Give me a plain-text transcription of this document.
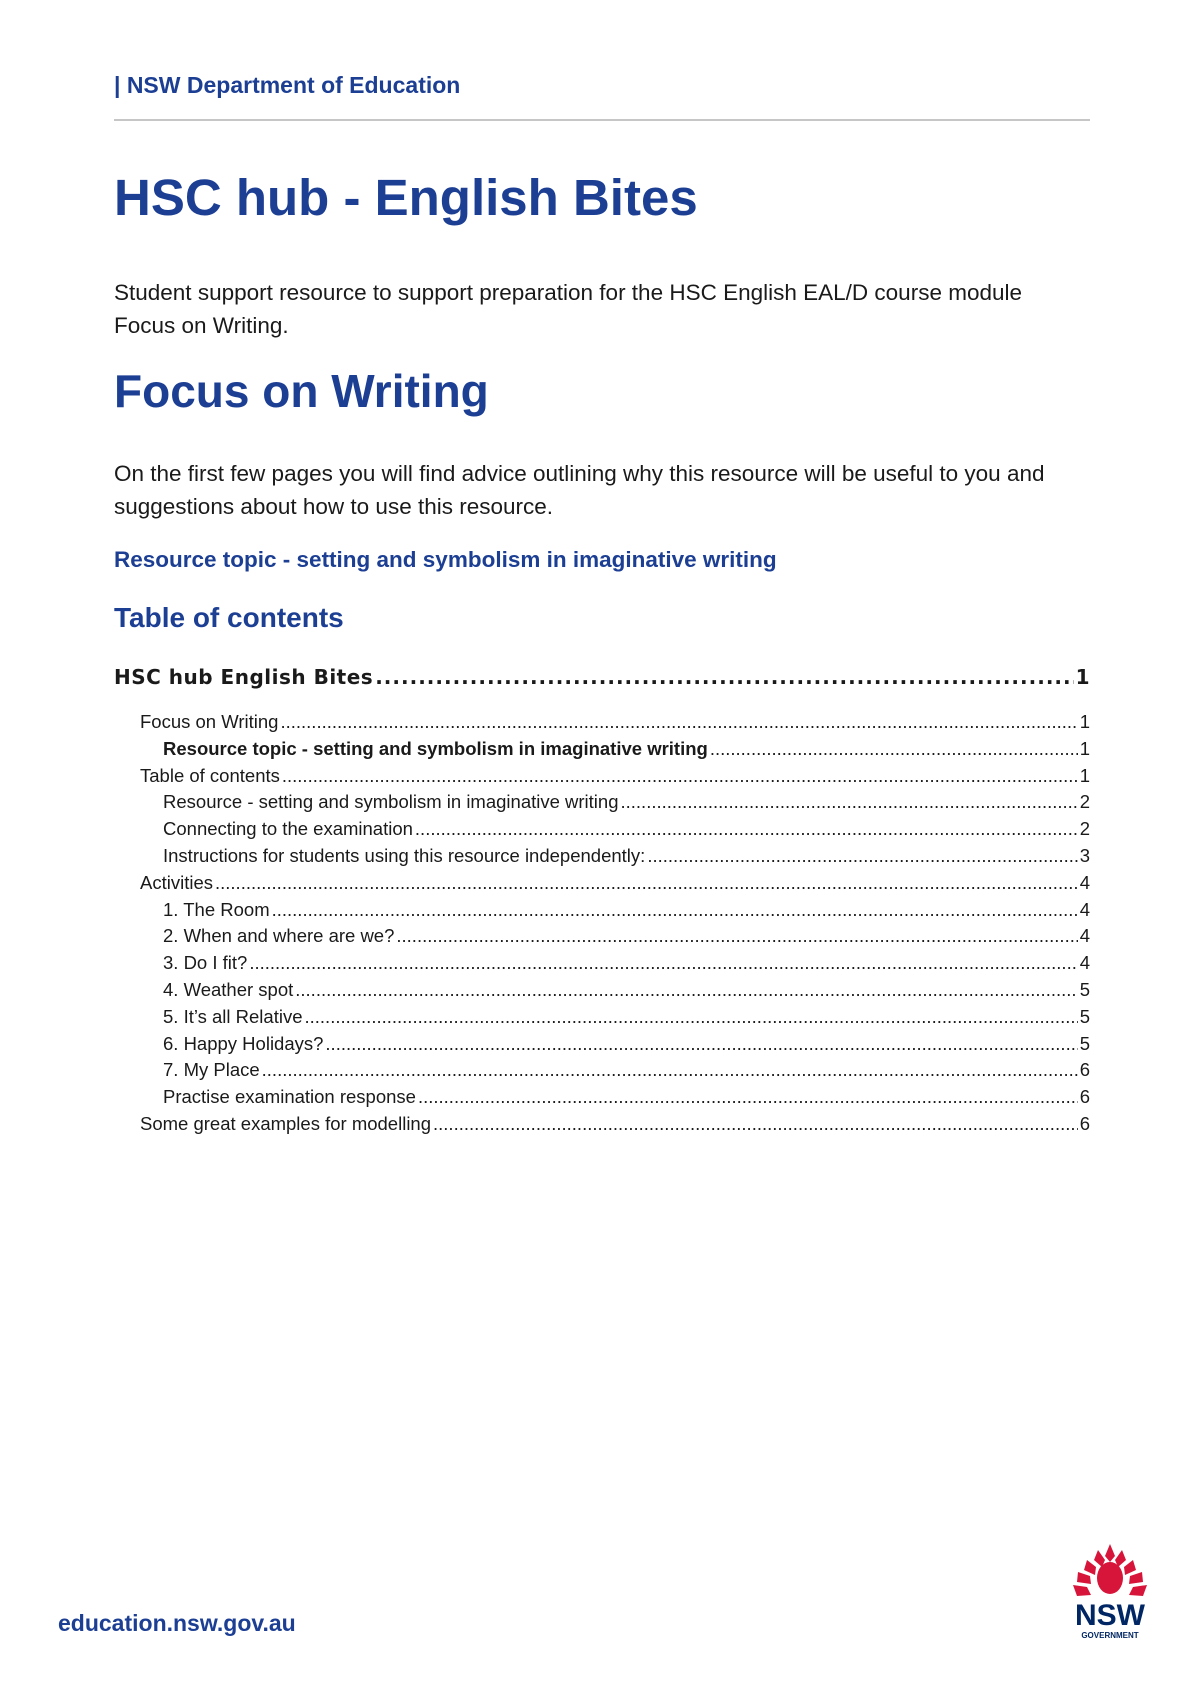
| NSW Department of Education
HSC hub - English Bites

Student support resource to support preparation for the HSC English EAL/D course module Focus on Writing.

Focus on Writing

On the first few pages you will find advice outlining why this resource will be useful to you and suggestions about how to use this resource.

Resource topic - setting and symbolism in imaginative writing
Table of contents
HSC hub English Bites .....	1
Focus on Writing .....	1
Resource topic - setting and symbolism in imaginative writing .....	1
Table of contents .....	1
Resource - setting and symbolism in imaginative writing .....	2
Connecting to the examination .....	2
Instructions for students using this resource independently: .....	3
Activities .....	4
1. The Room .....	4
2. When and where are we? .....	4
3. Do I fit? .....	4
4. Weather spot .....	5
5. It’s all Relative .....	5
6. Happy Holidays? .....	5
7. My Place .....	6
Practise examination response .....	6
Some great examples for modelling .....	6
education.nsw.gov.au	NSW
GOVERNMENT
